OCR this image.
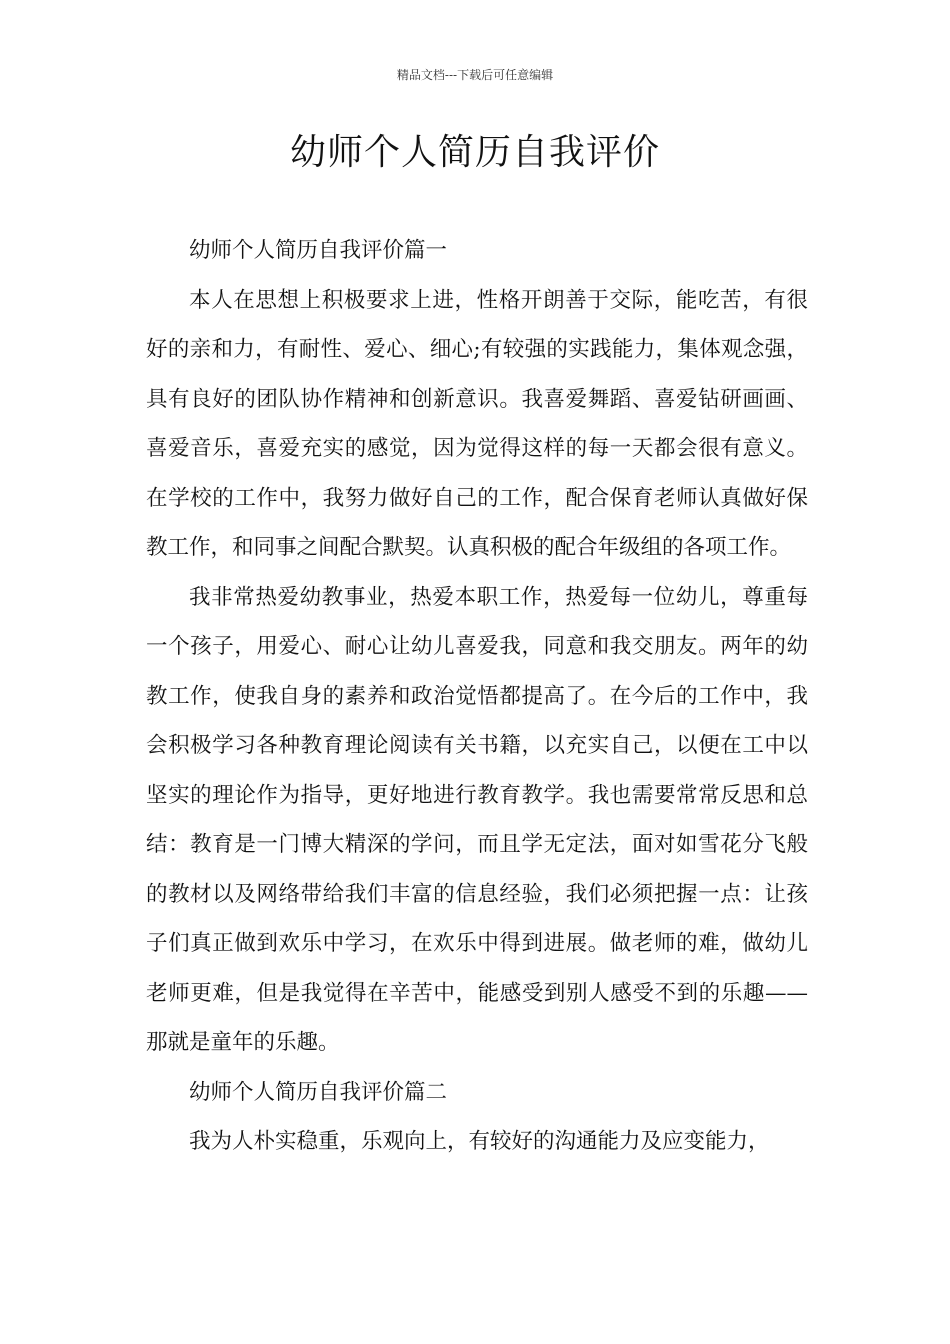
精品文档---下载后可任意编辑
幼师个人简历自我评价

幼师个人简历自我评价篇一

本人在思想上积极要求上进，性格开朗善于交际，能吃苦，有很好的亲和力，有耐性、爱心、细心;有较强的实践能力，集体观念强，具有良好的团队协作精神和创新意识。我喜爱舞蹈、喜爱钻研画画、喜爱音乐，喜爱充实的感觉，因为觉得这样的每一天都会很有意义。在学校的工作中，我努力做好自己的工作，配合保育老师认真做好保教工作，和同事之间配合默契。认真积极的配合年级组的各项工作。

我非常热爱幼教事业，热爱本职工作，热爱每一位幼儿，尊重每一个孩子，用爱心、耐心让幼儿喜爱我，同意和我交朋友。两年的幼教工作，使我自身的素养和政治觉悟都提高了。在今后的工作中，我会积极学习各种教育理论阅读有关书籍，以充实自己，以便在工中以坚实的理论作为指导，更好地进行教育教学。我也需要常常反思和总结：教育是一门博大精深的学问，而且学无定法，面对如雪花分飞般的教材以及网络带给我们丰富的信息经验，我们必须把握一点：让孩子们真正做到欢乐中学习，在欢乐中得到进展。做老师的难，做幼儿老师更难，但是我觉得在辛苦中，能感受到别人感受不到的乐趣——那就是童年的乐趣。

幼师个人简历自我评价篇二

我为人朴实稳重，乐观向上，有较好的沟通能力及应变能力，
